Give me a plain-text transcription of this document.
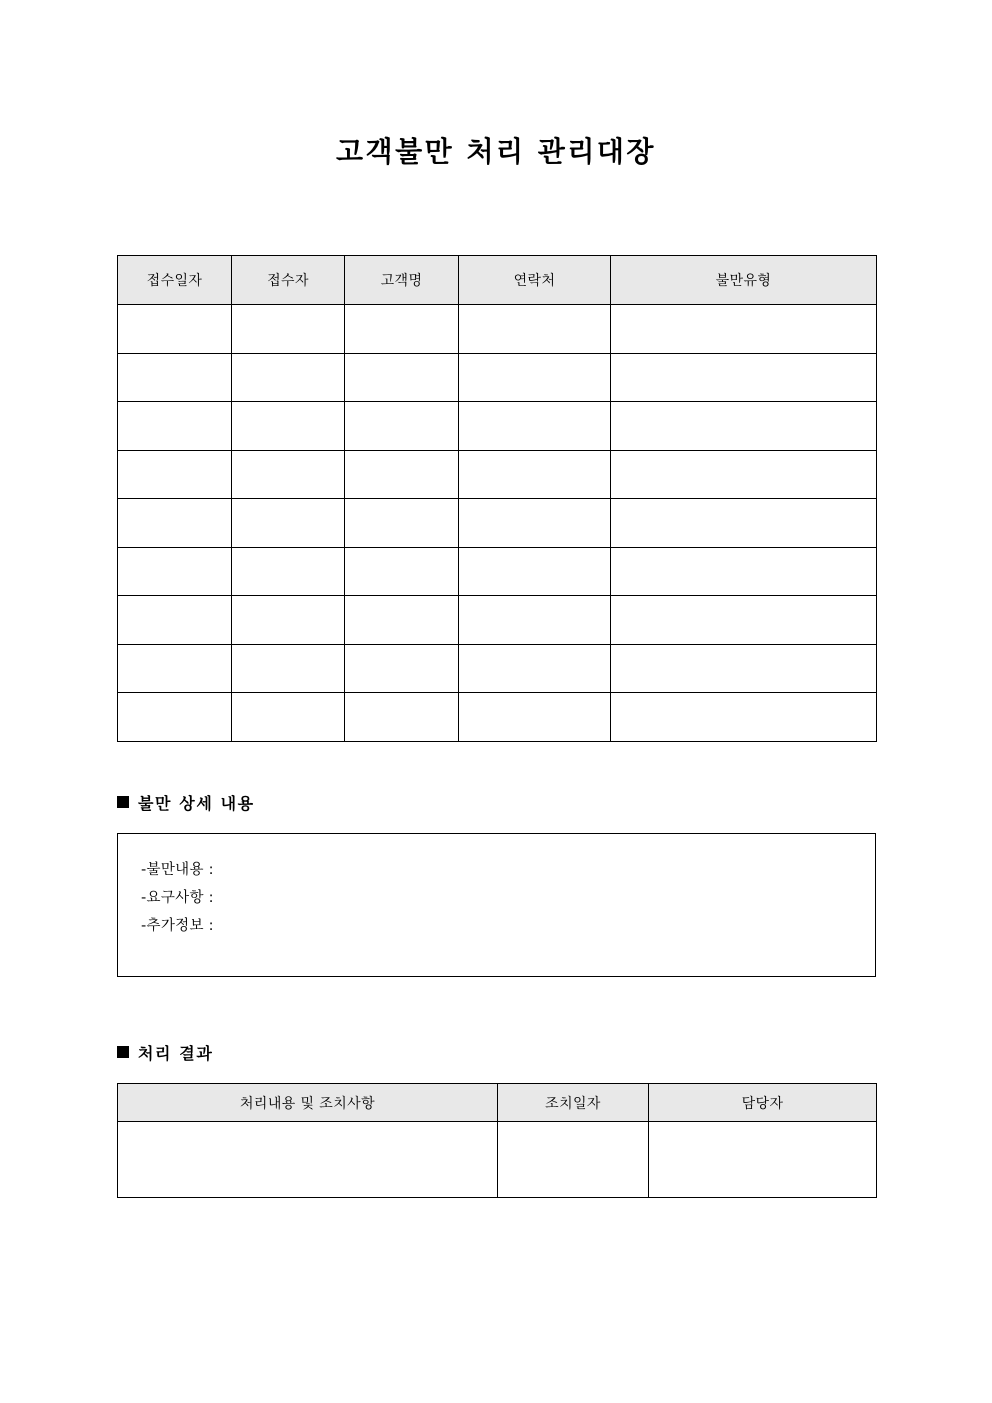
고객불만 처리 관리대장
접수일자	접수자	고객명	연락처	불만유형

불만 상세 내용
-불만내용 :
-요구사항 :
-추가정보 :
처리 결과
처리내용 및 조치사항	조치일자	담당자
